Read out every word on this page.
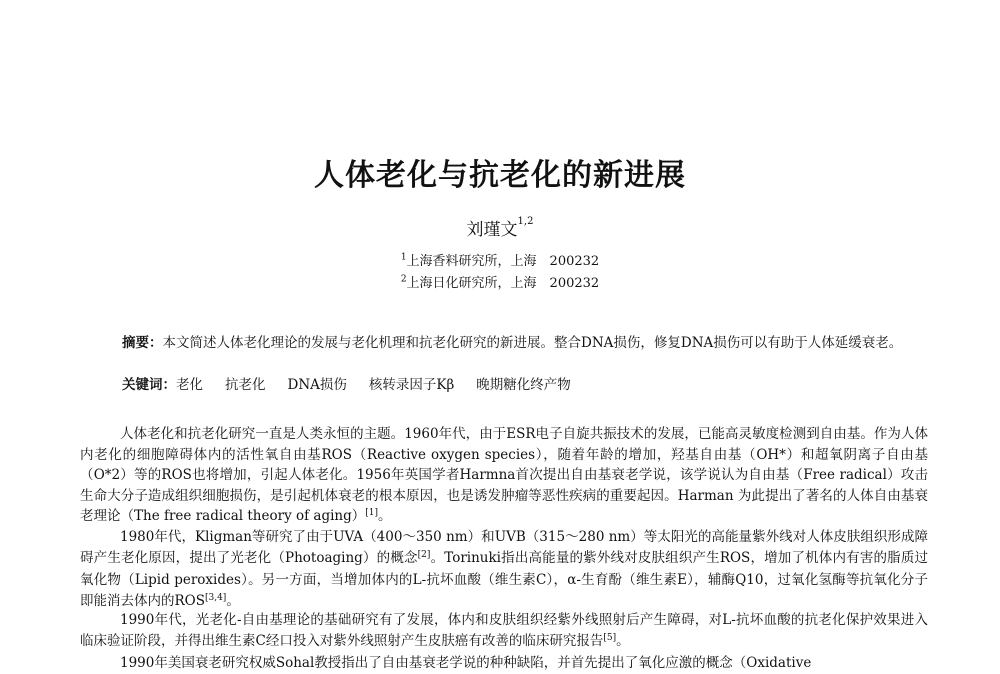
人体老化与抗老化的新进展
刘瑾文$^{1,2}$
$^1$上海香料研究所，上海　200232
$^2$上海日化研究所，上海　200232
摘要：本文简述人体老化理论的发展与老化机理和抗老化研究的新进展。整合DNA损伤，修复DNA损伤可以有助于人体延缓衰老。
关键词：老化 抗老化 DNA损伤 核转录因子Kβ 晚期糖化终产物
人体老化和抗老化研究一直是人类永恒的主题。1960年代，由于ESR电子自旋共振技术的发展，已能高灵敏度检测到自由基。作为人体内老化的细胞障碍体内的活性氧自由基ROS（Reactive oxygen species），随着年龄的增加，羟基自由基（OH*）和超氧阴离子自由基（O*2）等的ROS也将增加，引起人体老化。1956年英国学者Harmna首次提出自由基衰老学说，该学说认为自由基（Free radical）攻击生命大分子造成组织细胞损伤，是引起机体衰老的根本原因，也是诱发肿瘤等恶性疾病的重要起因。Harman 为此提出了著名的人体自由基衰老理论（The free radical theory of aging）[1]。
1980年代，Kligman等研究了由于UVA（400～350 nm）和UVB（315～280 nm）等太阳光的高能量紫外线对人体皮肤组织形成障碍产生老化原因，提出了光老化（Photoaging）的概念[2]。Torinuki指出高能量的紫外线对皮肤组织产生ROS，增加了机体内有害的脂质过氧化物（Lipid peroxides）。另一方面，当增加体内的L-抗坏血酸（维生素C），α-生育酚（维生素E），辅酶Q10，过氧化氢酶等抗氧化分子即能消去体内的ROS[3,4]。
1990年代，光老化-自由基理论的基础研究有了发展，体内和皮肤组织经紫外线照射后产生障碍，对L-抗坏血酸的抗老化保护效果进入临床验证阶段，并得出维生素C经口投入对紫外线照射产生皮肤癌有改善的临床研究报告[5]。
1990年美国衰老研究权威Sohal教授指出了自由基衰老学说的种种缺陷，并首先提出了氧化应激的概念（Oxidative
